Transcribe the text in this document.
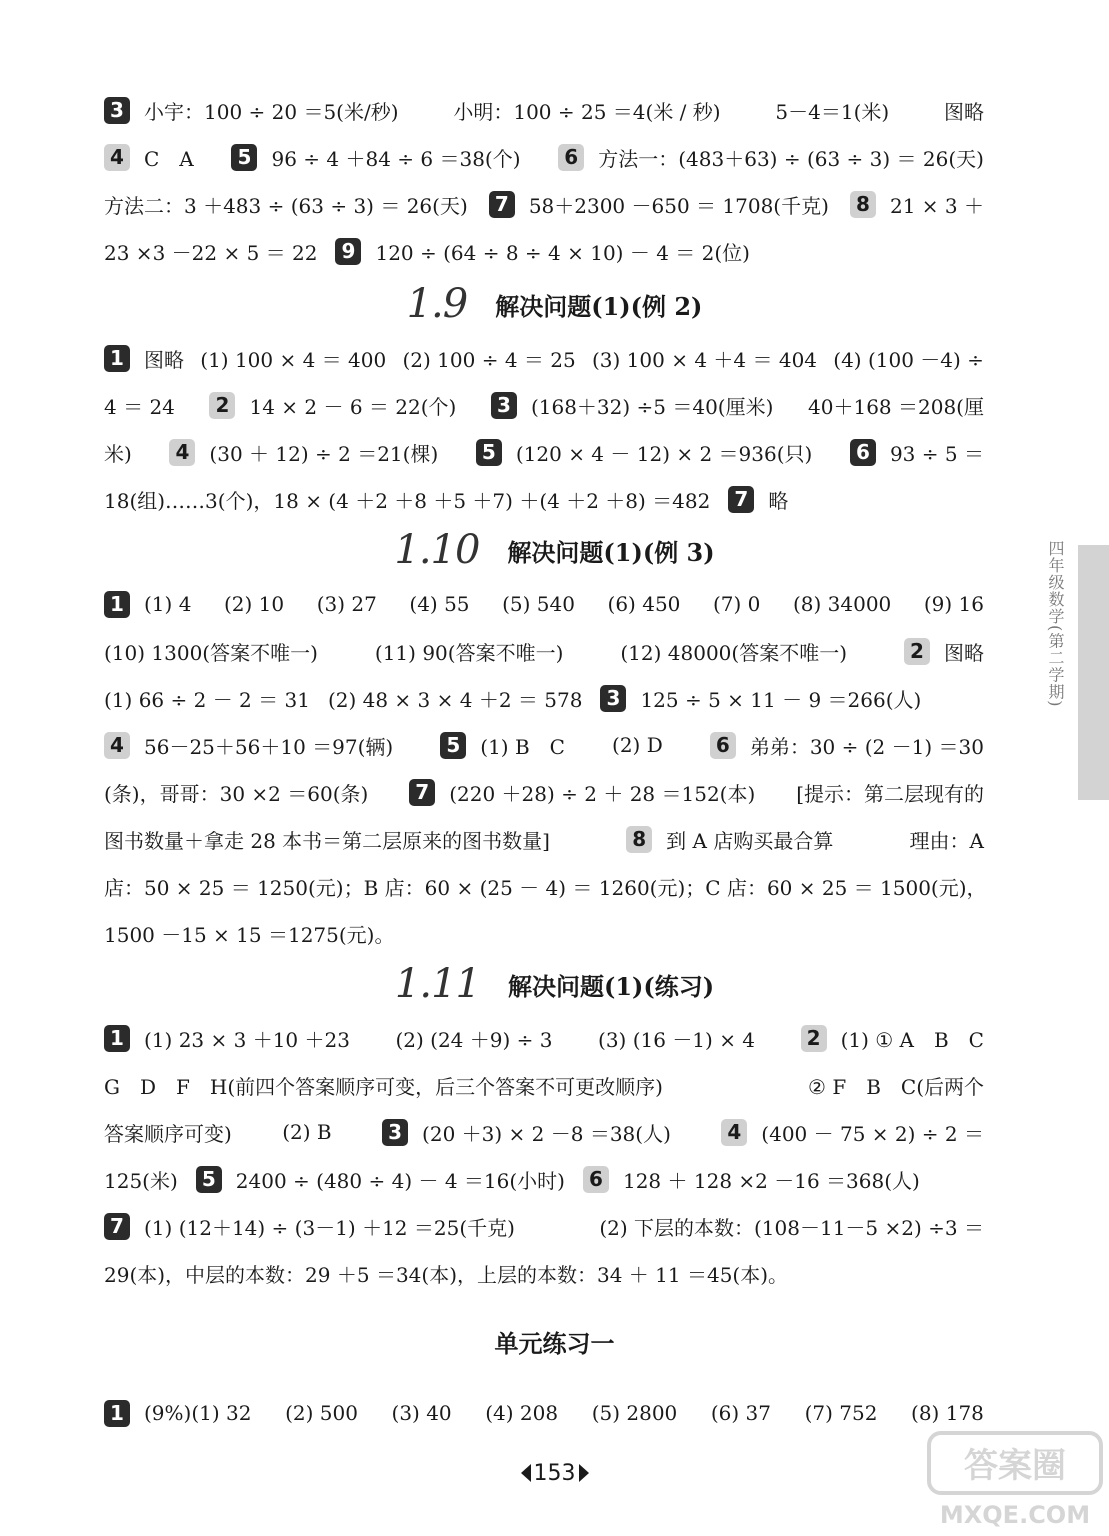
3	小宇：100 ÷ 20 ＝5(米/秒)	小明：100 ÷ 25 ＝4(米 / 秒)	5－4＝1(米)	图略
4	C　A	5	96 ÷ 4 ＋84 ÷ 6 ＝38(个)	6	方法一：(483＋63) ÷ (63 ÷ 3) ＝ 26(天)
方法二：3 ＋483 ÷ (63 ÷ 3) ＝ 26(天)	7	58＋2300 －650 ＝ 1708(千克)	8	21 × 3 ＋
23 ×3 －22 × 5 ＝ 22	9	120 ÷ (64 ÷ 8 ÷ 4 × 10) － 4 ＝ 2(位)
1.9 解决问题(1)(例 2)
1	图略 (1) 100 × 4 ＝ 400 (2) 100 ÷ 4 ＝ 25 (3) 100 × 4 ＋4 ＝ 404 (4) (100 －4) ÷
4 ＝ 24	2	14 × 2 － 6 ＝ 22(个)	3	(168＋32) ÷5 ＝40(厘米) 40＋168 ＝208(厘
米)	4	(30 ＋ 12) ÷ 2 ＝21(棵)	5	(120 × 4 － 12) × 2 ＝936(只)	6	93 ÷ 5 ＝
18(组)……3(个)，18 × (4 ＋2 ＋8 ＋5 ＋7) ＋(4 ＋2 ＋8) ＝482	7	略
1.10 解决问题(1)(例 3)
1	(1) 4 (2) 10 (3) 27 (4) 55 (5) 540 (6) 450 (7) 0 (8) 34000 (9) 16
(10) 1300(答案不唯一)	(11) 90(答案不唯一)	(12) 48000(答案不唯一)	2	图略
(1) 66 ÷ 2 － 2 ＝ 31 (2) 48 × 3 × 4 ＋2 ＝ 578	3	125 ÷ 5 × 11 － 9 ＝266(人)
4	56－25＋56＋10 ＝97(辆)	5	(1) B　C (2) D	6	弟弟：30 ÷ (2 －1) ＝30
(条)，哥哥：30 ×2 ＝60(条)	7	(220 ＋28) ÷ 2 ＋ 28 ＝152(本) [提示：第二层现有的
图书数量＋拿走 28 本书＝第二层原来的图书数量]	8	到 A 店购买最合算	理由：A
店：50 × 25 ＝ 1250(元)；B 店：60 × (25 － 4) ＝ 1260(元)；C 店：60 × 25 ＝ 1500(元)，
1500 －15 × 15 ＝1275(元)。
1.11 解决问题(1)(练习)
1	(1) 23 × 3 ＋10 ＋23 (2) (24 ＋9) ÷ 3 (3) (16 －1) × 4	2	(1) ① A　B　C
G　D　F　H(前四个答案顺序可变，后三个答案不可更改顺序)	② F　B　C(后两个
答案顺序可变)	(2) B	3	(20 ＋3) × 2 －8 ＝38(人)	4	(400 － 75 × 2) ÷ 2 ＝
125(米)	5	2400 ÷ (480 ÷ 4) － 4 ＝16(小时)	6	128 ＋ 128 ×2 －16 ＝368(人)
7	(1) (12＋14) ÷ (3－1) ＋12 ＝25(千克)	(2) 下层的本数：(108－11－5 ×2) ÷3 ＝
29(本)，中层的本数：29 ＋5 ＝34(本)，上层的本数：34 ＋ 11 ＝45(本)。
单元练习一
1	(9%)(1) 32 (2) 500 (3) 40 (4) 208 (5) 2800 (6) 37 (7) 752 (8) 178
四年级数学(第二学期)
153	答案圈
MXQE.COM
